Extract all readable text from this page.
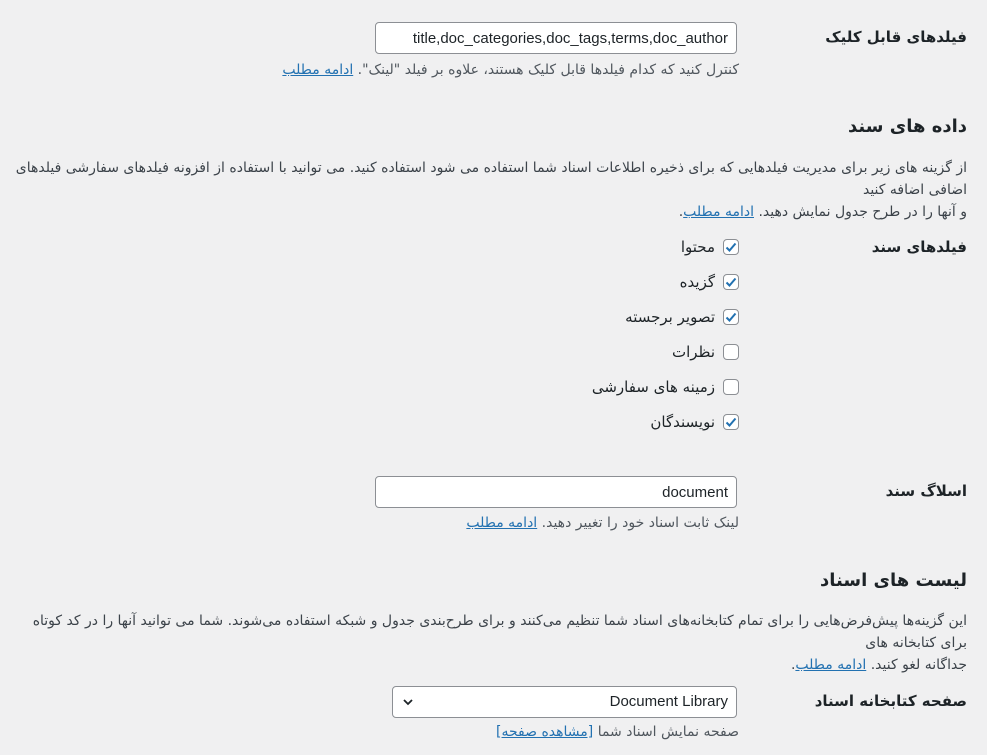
فیلدهای قابل کلیک
title,doc_categories,doc_tags,terms,doc_author
کنترل کنید که کدام فیلدها قابل کلیک هستند، علاوه بر فیلد "لینک". ادامه مطلب
داده های سند
از گزینه های زیر برای مدیریت فیلدهایی که برای ذخیره اطلاعات اسناد شما استفاده می شود استفاده کنید. می توانید با استفاده از افزونه فیلدهای سفارشی فیلدهای اضافی اضافه کنید
و آنها را در طرح جدول نمایش دهید. ادامه مطلب.
فیلدهای سند
محتوا
گزیده
تصویر برجسته
نظرات
زمینه های سفارشی
نویسندگان
اسلاگ سند
document
لینک ثابت اسناد خود را تغییر دهید. ادامه مطلب
لیست های اسناد
این گزینه‌ها پیش‌فرض‌هایی را برای تمام کتابخانه‌های اسناد شما تنظیم می‌کنند و برای طرح‌بندی جدول و شبکه استفاده می‌شوند. شما می توانید آنها را در کد کوتاه برای کتابخانه های
جداگانه لغو کنید. ادامه مطلب.
صفحه کتابخانه اسناد
Document Library
صفحه نمایش اسناد شما [مشاهده صفحه]
